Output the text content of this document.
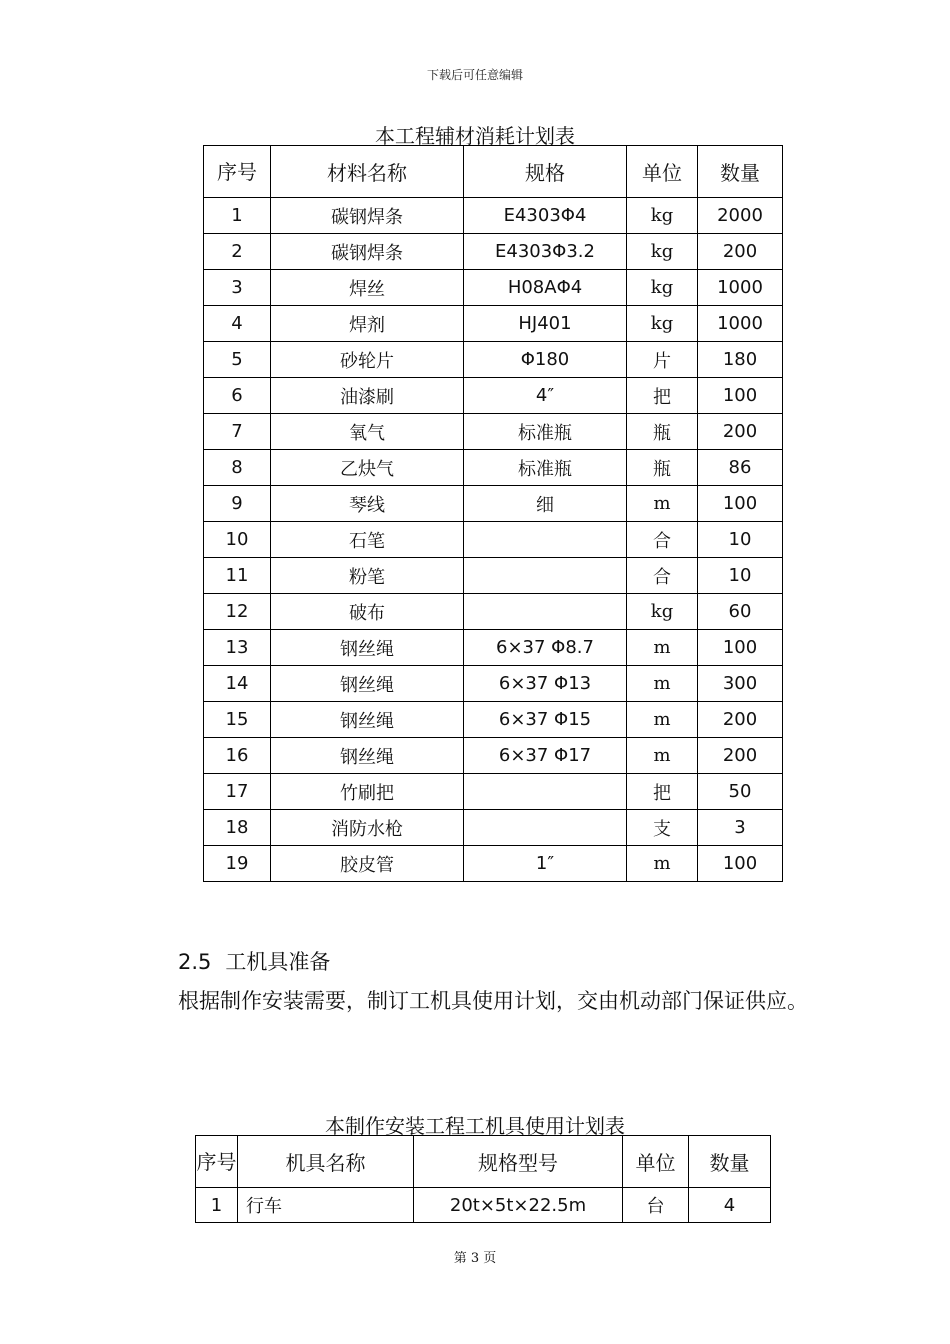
下载后可任意编辑
本工程辅材消耗计划表
序号	材料名称	规格	单位	数量
1	碳钢焊条	E4303Φ4	kg	2000
2	碳钢焊条	E4303Φ3.2	kg	200
3	焊丝	H08AΦ4	kg	1000
4	焊剂	HJ401	kg	1000
5	砂轮片	Φ180	片	180
6	油漆刷	4″	把	100
7	氧气	标准瓶	瓶	200
8	乙炔气	标准瓶	瓶	86
9	琴线	细	m	100
10	石笔		合	10
11	粉笔		合	10
12	破布		kg	60
13	钢丝绳	6×37 Φ8.7	m	100
14	钢丝绳	6×37 Φ13	m	300
15	钢丝绳	6×37 Φ15	m	200
16	钢丝绳	6×37 Φ17	m	200
17	竹刷把		把	50
18	消防水枪		支	3
19	胶皮管	1″	m	100
2.5 工机具准备
根据制作安装需要，制订工机具使用计划，交由机动部门保证供应。
本制作安装工程工机具使用计划表
序号	机具名称	规格型号	单位	数量
1	行车	20t×5t×22.5m	台	4
第 3 页
